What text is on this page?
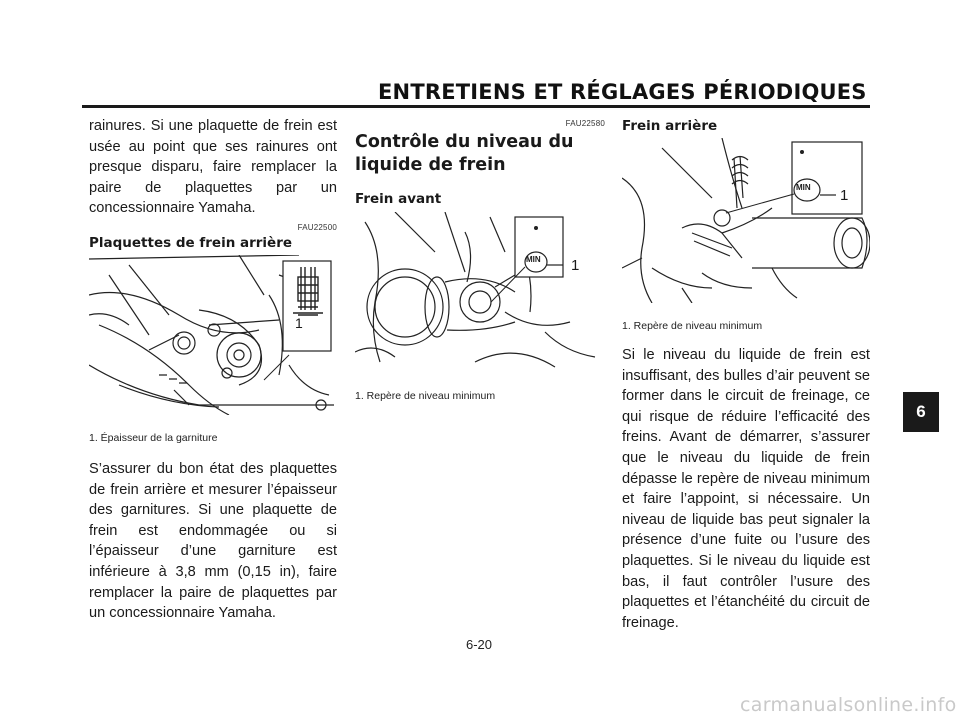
ENTRETIENS ET RÉGLAGES PÉRIODIQUES
6
rainures. Si une plaquette de frein est usée au point que ses rainures ont presque disparu, faire remplacer la paire de plaquettes par un concessionnaire Yamaha.
FAU22500
Plaquettes de frein arrière
1
1. Épaisseur de la garniture
S’assurer du bon état des plaquettes de frein arrière et mesurer l’épaisseur des garnitures. Si une plaquette de frein est endommagée ou si l’épaisseur d’une garniture est inférieure à 3,8 mm (0,15 in), faire remplacer la paire de plaquettes par un concessionnaire Yamaha.
FAU22580
Contrôle du niveau du
liquide de frein
Frein avant
MIN 1
1. Repère de niveau minimum
Frein arrière
MIN 1
1. Repère de niveau minimum
Si le niveau du liquide de frein est insuffisant, des bulles d’air peuvent se former dans le circuit de freinage, ce qui risque de réduire l’efficacité des freins. Avant de démarrer, s’assurer que le niveau du liquide de frein dépasse le repère de niveau minimum et faire l’appoint, si nécessaire. Un niveau de liquide bas peut signaler la présence d’une fuite ou l’usure des plaquettes. Si le niveau du liquide est bas, il faut contrôler l’usure des plaquettes et l’étanchéité du circuit de freinage.
6-20
carmanualsonline.info
